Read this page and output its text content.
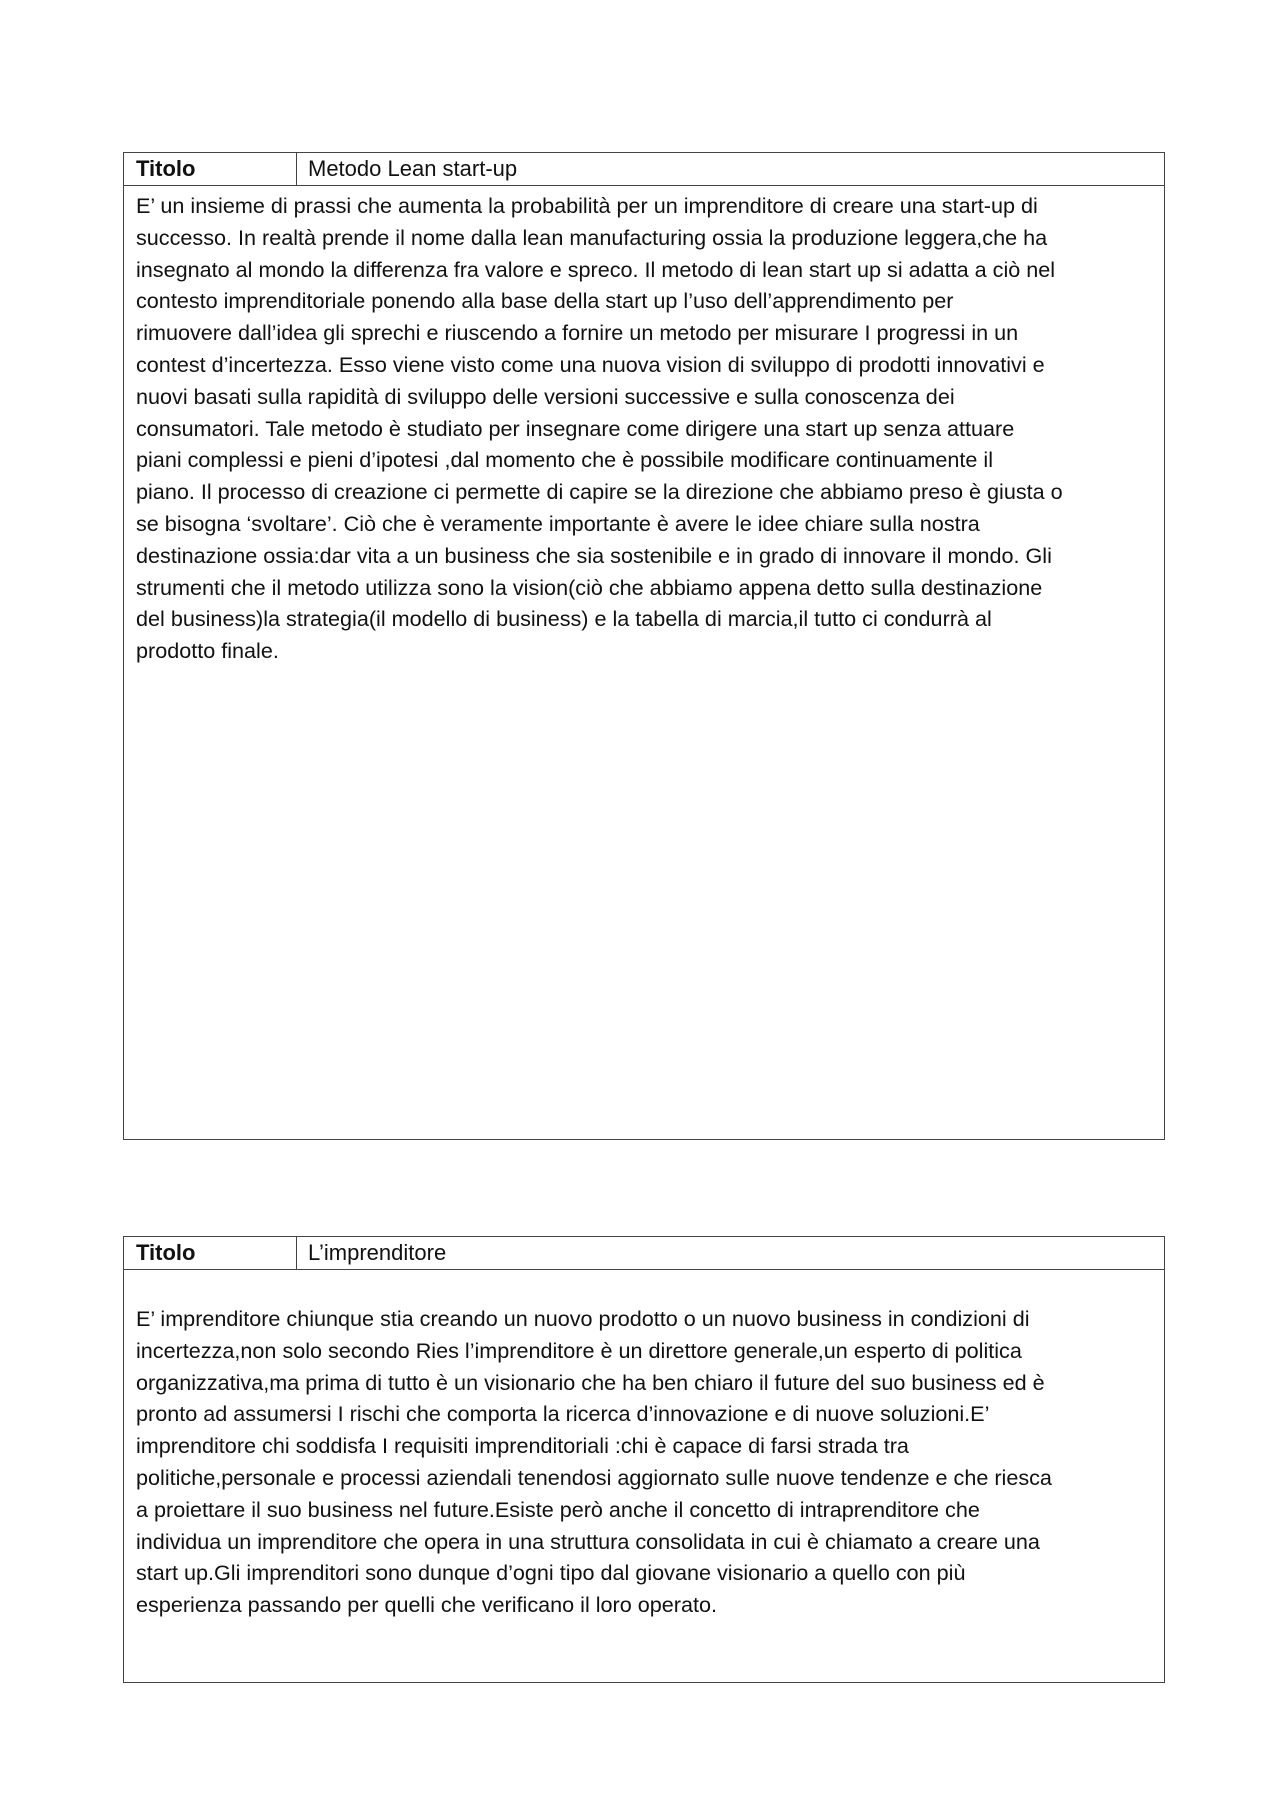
Titolo	Metodo Lean start-up

E’ un insieme di prassi che aumenta la probabilità per un imprenditore di creare una start-up di

successo. In realtà prende il nome dalla lean manufacturing ossia la produzione leggera,che ha

insegnato al mondo la differenza fra valore e spreco. Il metodo di lean start up si adatta a ciò nel

contesto imprenditoriale ponendo alla base della start up l’uso dell’apprendimento per

rimuovere dall’idea gli sprechi e riuscendo a fornire un metodo per misurare I progressi in un

contest d’incertezza. Esso viene visto come una nuova vision di sviluppo di prodotti innovativi e

nuovi basati sulla rapidità di sviluppo delle versioni successive e sulla conoscenza dei

consumatori. Tale metodo è studiato per insegnare come dirigere una start up senza attuare

piani complessi e pieni d’ipotesi ,dal momento che è possibile modificare continuamente il

piano. Il processo di creazione ci permette di capire se la direzione che abbiamo preso è giusta o

se bisogna ‘svoltare’. Ciò che è veramente importante è avere le idee chiare sulla nostra

destinazione ossia:dar vita a un business che sia sostenibile e in grado di innovare il mondo. Gli

strumenti che il metodo utilizza sono la vision(ciò che abbiamo appena detto sulla destinazione

del business)la strategia(il modello di business) e la tabella di marcia,il tutto ci condurrà al

prodotto finale.

Titolo	L’imprenditore

E’ imprenditore chiunque stia creando un nuovo prodotto o un nuovo business in condizioni di

incertezza,non solo secondo Ries l’imprenditore è un direttore generale,un esperto di politica

organizzativa,ma prima di tutto è un visionario che ha ben chiaro il future del suo business ed è

pronto ad assumersi I rischi che comporta la ricerca d’innovazione e di nuove soluzioni.E’

imprenditore chi soddisfa I requisiti imprenditoriali :chi è capace di farsi strada tra

politiche,personale e processi aziendali tenendosi aggiornato sulle nuove tendenze e che riesca

a proiettare il suo business nel future.Esiste però anche il concetto di intraprenditore che

individua un imprenditore che opera in una struttura consolidata in cui è chiamato a creare una

start up.Gli imprenditori sono dunque d’ogni tipo dal giovane visionario a quello con più

esperienza passando per quelli che verificano il loro operato.
